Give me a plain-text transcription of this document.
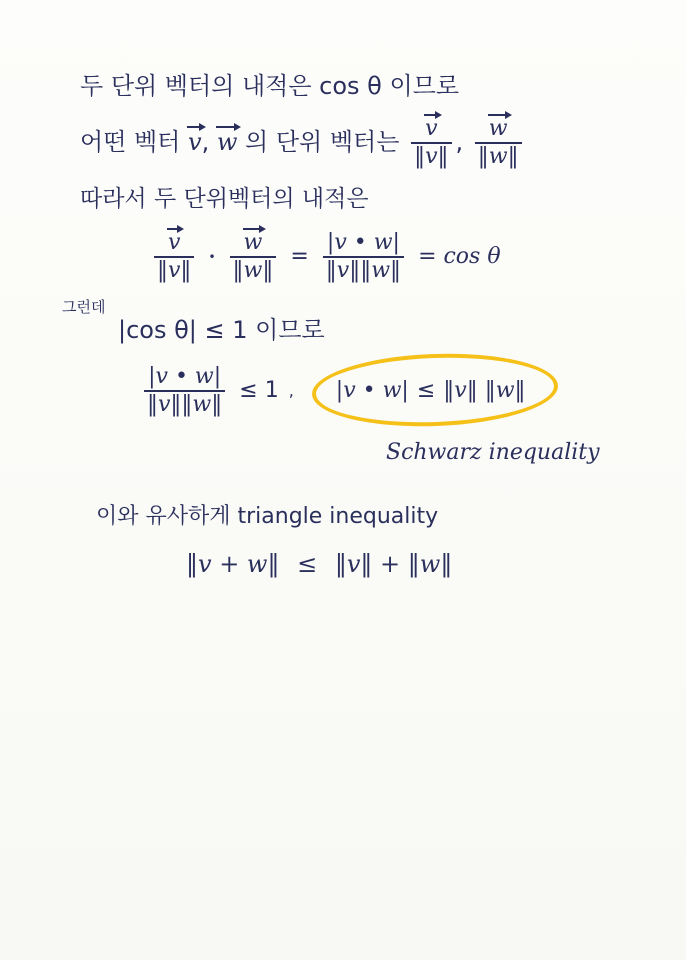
두 단위 벡터의 내적은 cos θ 이므로
어떤 벡터 v, w 의 단위 벡터는 $\frac{v}{‖v‖}$ , $\frac{w}{‖w‖}$
따라서 두 단위벡터의 내적은
$\frac{v}{‖v‖}$ • $\frac{w}{‖w‖} = \frac{|v • w|}{‖v‖‖w‖} = \cos \theta$
그런데
|cos θ| ≤ 1 이므로
$\frac{|v • w|}{‖v‖‖w‖} \le 1$ , |v • w| ≤ ‖v‖ ‖w‖
Schwarz inequality
이와 유사하게 triangle inequality
‖v + w‖ ≤ ‖v‖ + ‖w‖
